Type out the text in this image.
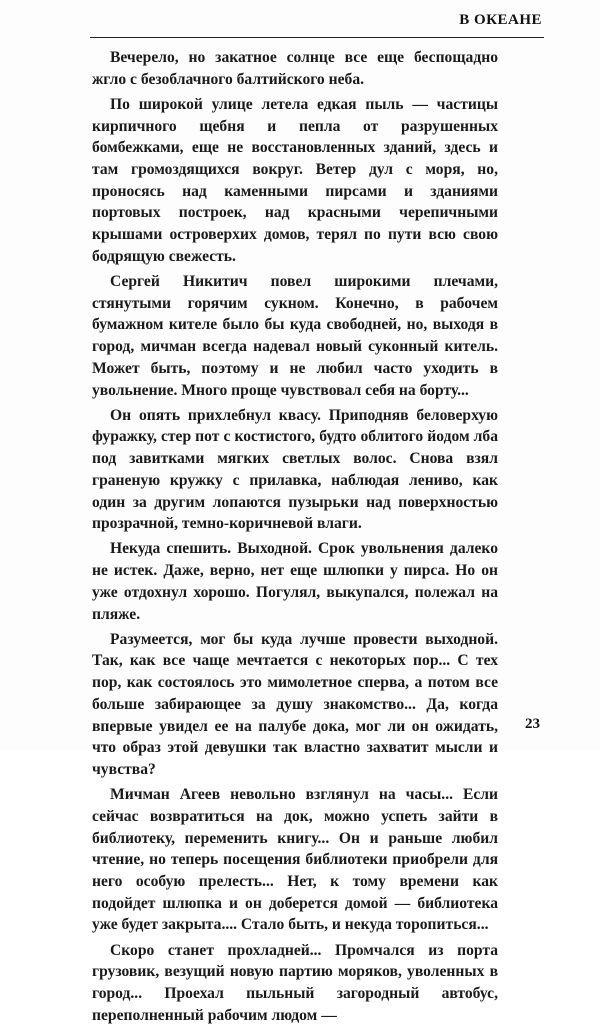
В ОКЕАНЕ

Вечерело, но закатное солнце все еще беспощадно жгло с безоблачного балтийского неба.

По широкой улице летела едкая пыль — частицы кирпичного щебня и пепла от разрушенных бомбежками, еще не восстановленных зданий, здесь и там громоздящихся вокруг. Ветер дул с моря, но, проносясь над каменными пирсами и зданиями портовых построек, над красными черепичными крышами островерхих домов, терял по пути всю свою бодрящую свежесть.

Сергей Никитич повел широкими плечами, стянутыми горячим сукном. Конечно, в рабочем бумажном кителе было бы куда свободней, но, выходя в город, мичман всегда надевал новый суконный китель. Может быть, поэтому и не любил часто уходить в увольнение. Много проще чувствовал себя на борту...

Он опять прихлебнул квасу. Приподняв беловерхую фуражку, стер пот с костистого, будто облитого йодом лба под завитками мягких светлых волос. Снова взял граненую кружку с прилавка, наблюдая лениво, как один за другим лопаются пузырьки над поверхностью прозрачной, темно-коричневой влаги.

Некуда спешить. Выходной. Срок увольнения далеко не истек. Даже, верно, нет еще шлюпки у пирса. Но он уже отдохнул хорошо. Погулял, выкупался, полежал на пляже.

Разумеется, мог бы куда лучше провести выходной. Так, как все чаще мечтается с некоторых пор... С тех пор, как состоялось это мимолетное сперва, а потом все больше забирающее за душу знакомство... Да, когда впервые увидел ее на палубе дока, мог ли он ожидать, что образ этой девушки так властно захватит мысли и чувства?

Мичман Агеев невольно взглянул на часы... Если сейчас возвратиться на док, можно успеть зайти в библиотеку, переменить книгу... Он и раньше любил чтение, но теперь посещения библиотеки приобрели для него особую прелесть... Нет, к тому времени как подойдет шлюпка и он доберется домой — библиотека уже будет закрыта.... Стало быть, и некуда торопиться...

Скоро станет прохладней... Промчался из порта грузовик, везущий новую партию моряков, уволенных в город... Проехал пыльный загородный автобус, переполненный рабочим людом —

23
